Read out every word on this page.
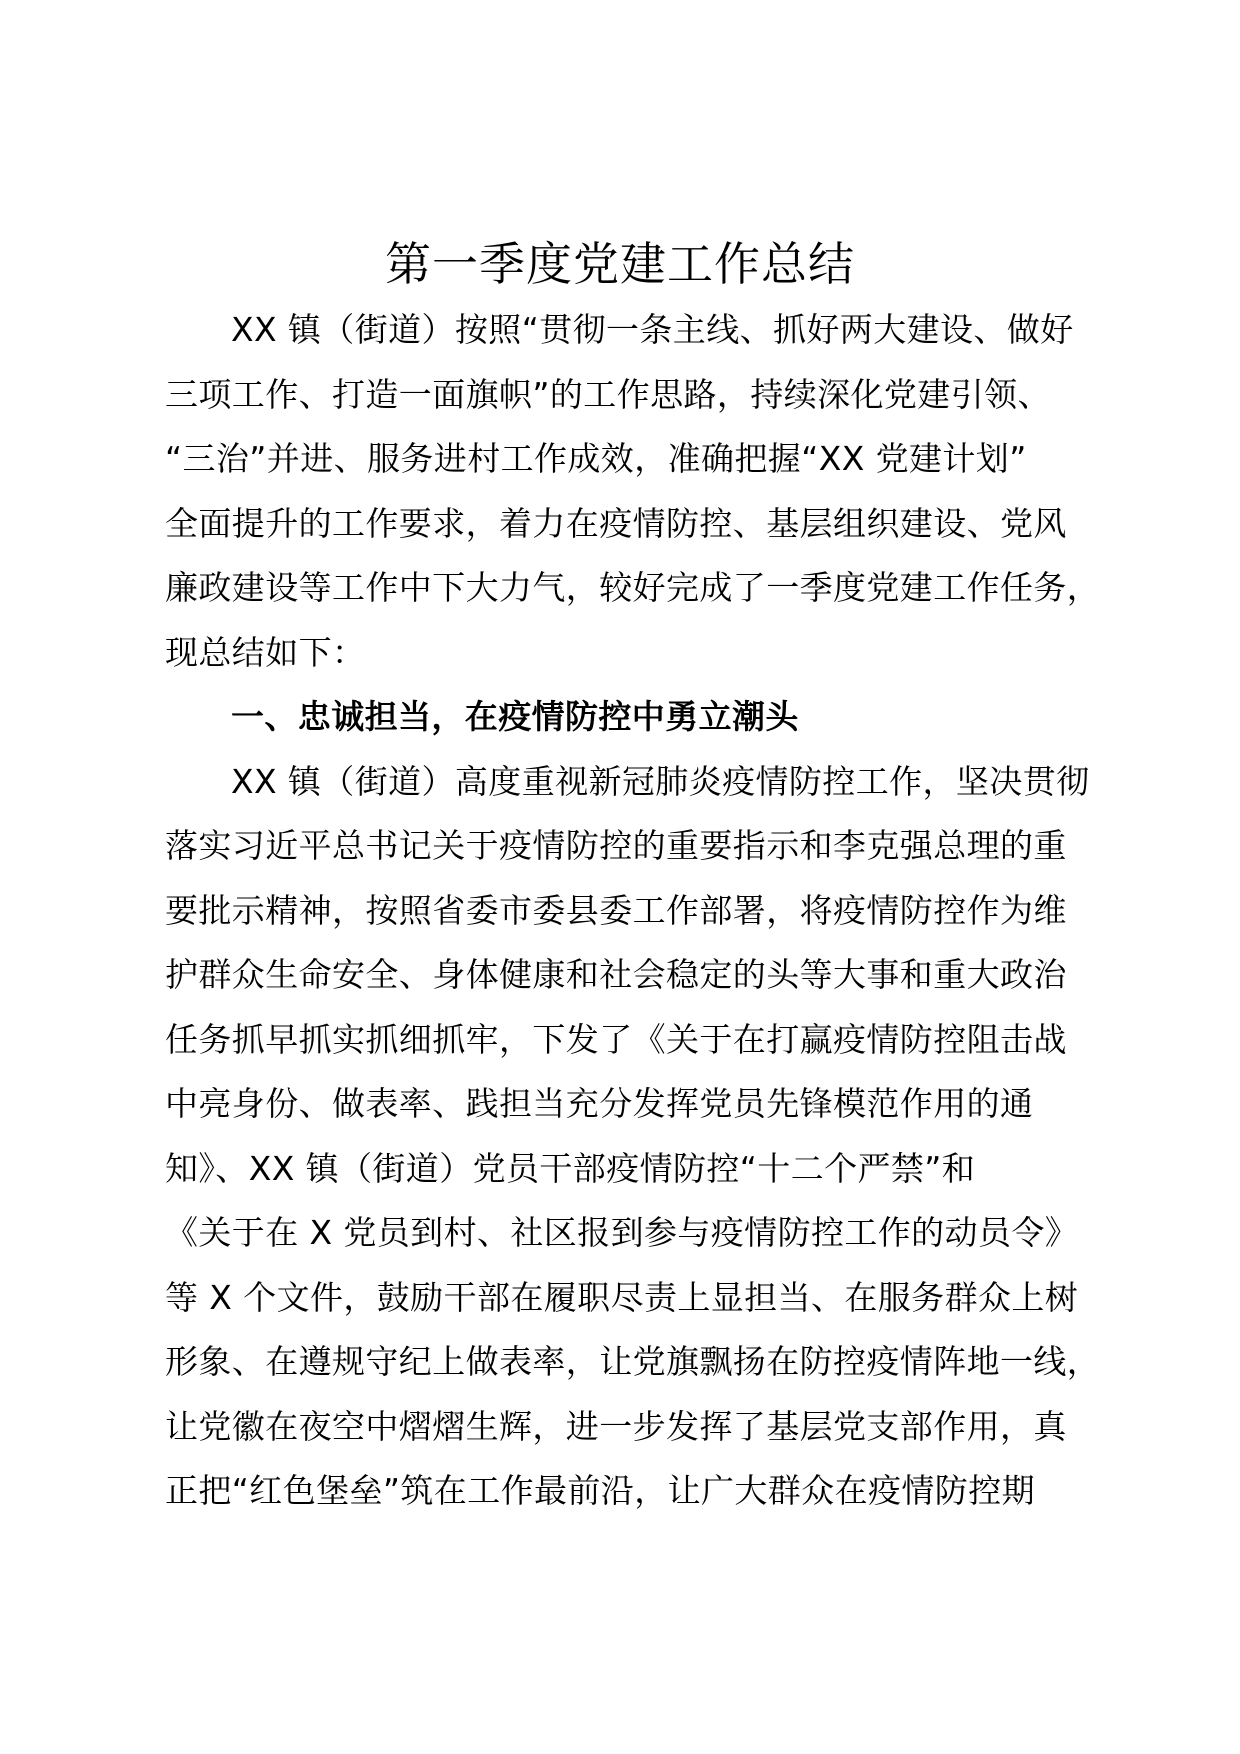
第一季度党建工作总结
XX 镇（街道）按照“贯彻一条主线、抓好两大建设、做好
三项工作、打造一面旗帜”的工作思路，持续深化党建引领、
“三治”并进、服务进村工作成效，准确把握“XX 党建计划”
全面提升的工作要求，着力在疫情防控、基层组织建设、党风
廉政建设等工作中下大力气，较好完成了一季度党建工作任务，
现总结如下：
一、忠诚担当，在疫情防控中勇立潮头
XX 镇（街道）高度重视新冠肺炎疫情防控工作，坚决贯彻
落实习近平总书记关于疫情防控的重要指示和李克强总理的重
要批示精神，按照省委市委县委工作部署，将疫情防控作为维
护群众生命安全、身体健康和社会稳定的头等大事和重大政治
任务抓早抓实抓细抓牢，下发了《关于在打赢疫情防控阻击战
中亮身份、做表率、践担当充分发挥党员先锋模范作用的通
知》、XX 镇（街道）党员干部疫情防控“十二个严禁”和
《关于在 X 党员到村、社区报到参与疫情防控工作的动员令》
等 X 个文件，鼓励干部在履职尽责上显担当、在服务群众上树
形象、在遵规守纪上做表率，让党旗飘扬在防控疫情阵地一线，
让党徽在夜空中熠熠生辉，进一步发挥了基层党支部作用，真
正把“红色堡垒”筑在工作最前沿，让广大群众在疫情防控期
